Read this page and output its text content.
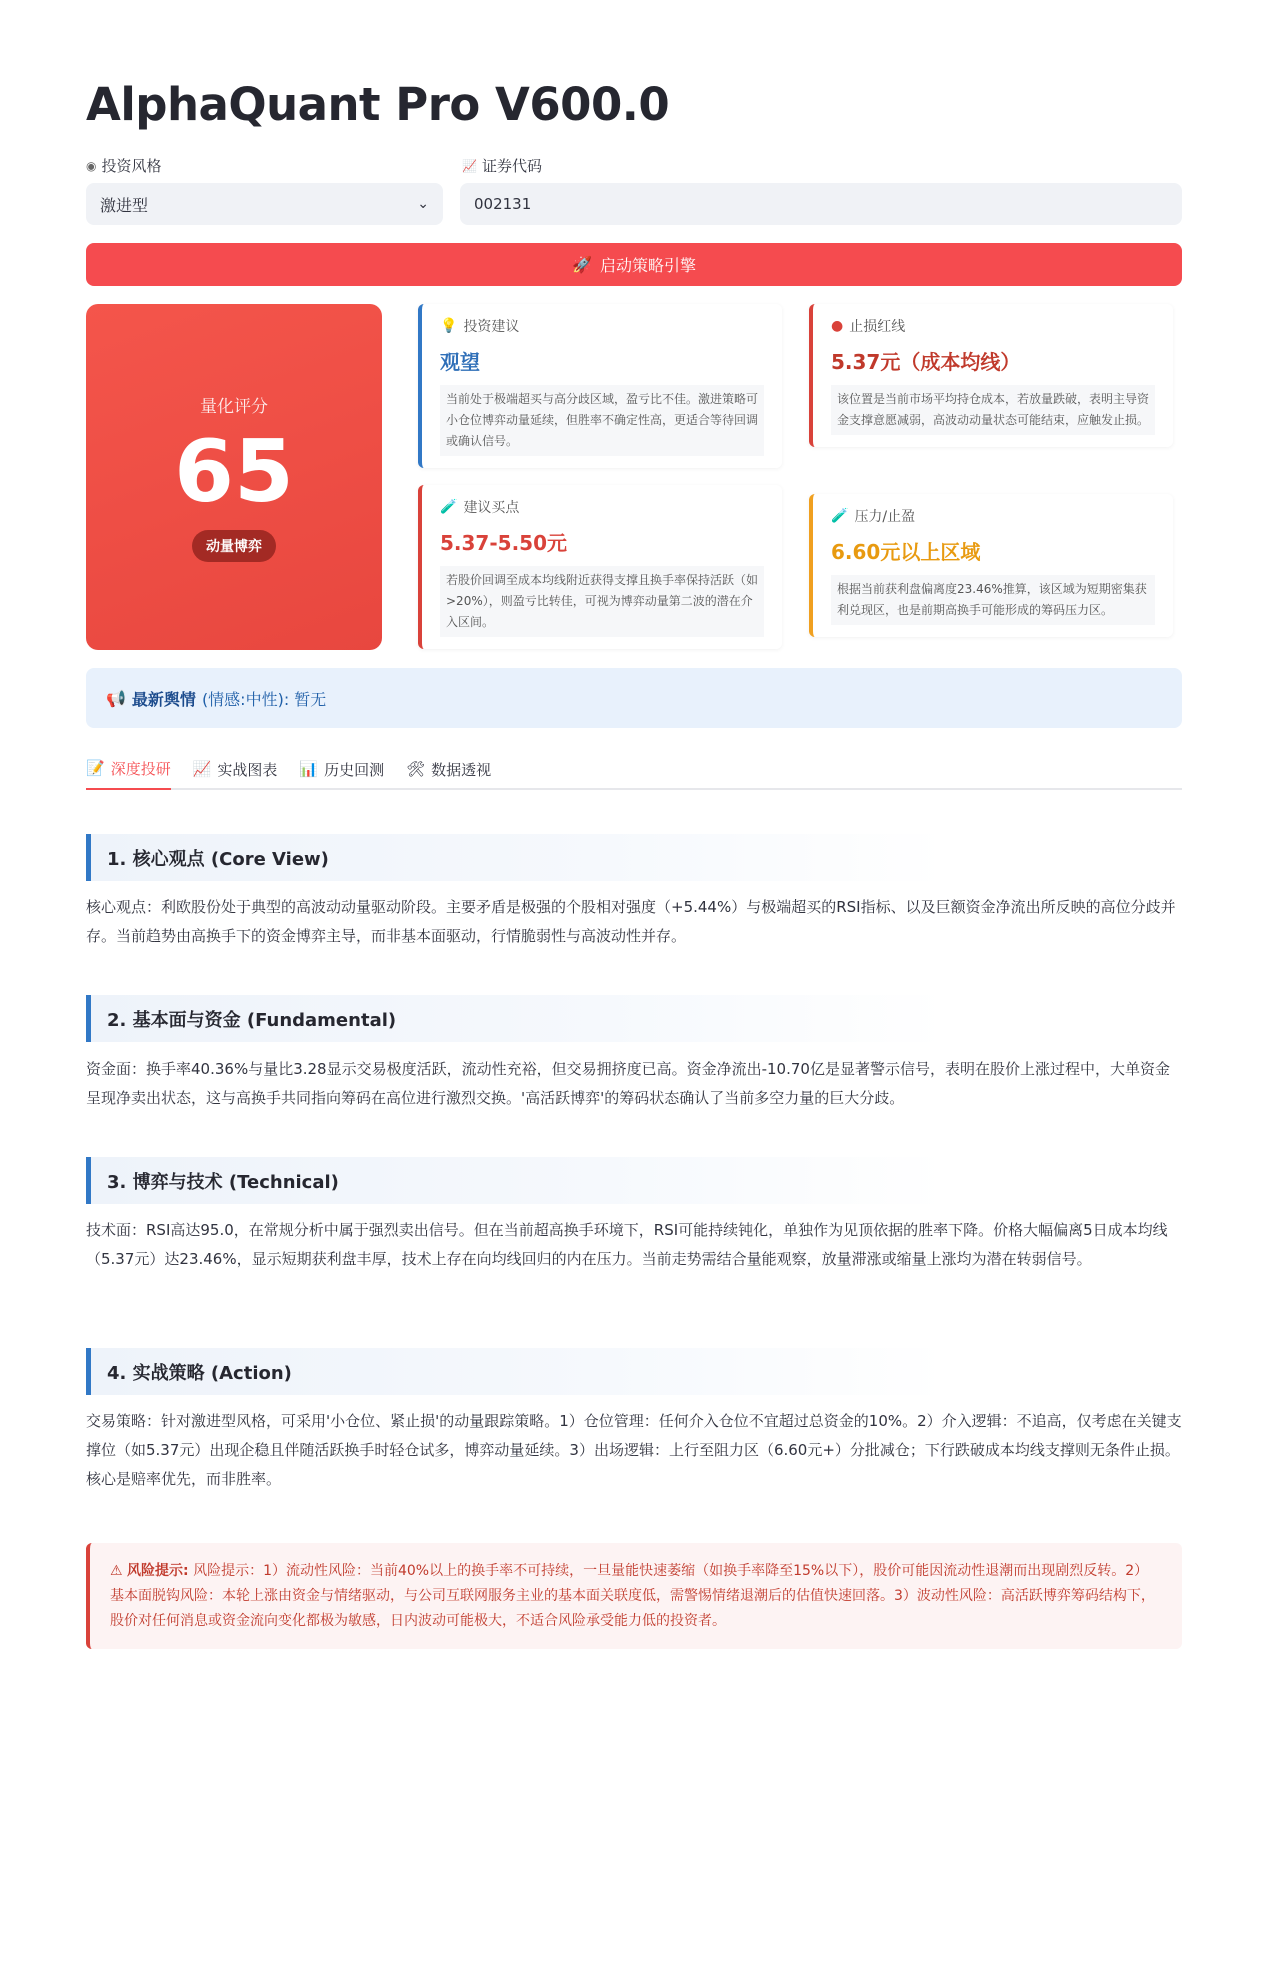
AlphaQuant Pro V600.0
◉ 投资风格
激进型	⌄
📈 证券代码
002131
🚀 启动策略引擎
量化评分
65
动量博弈
💡 投资建议
观望
当前处于极端超买与高分歧区域，盈亏比不佳。激进策略可小仓位博弈动量延续，但胜率不确定性高，更适合等待回调或确认信号。
● 止损红线
5.37元（成本均线）
该位置是当前市场平均持仓成本，若放量跌破，表明主导资金支撑意愿减弱，高波动动量状态可能结束，应触发止损。
🧪 建议买点
5.37-5.50元
若股价回调至成本均线附近获得支撑且换手率保持活跃（如>20%），则盈亏比转佳，可视为博弈动量第二波的潜在介入区间。
🧪 压力/止盈
6.60元以上区域
根据当前获利盘偏离度23.46%推算，该区域为短期密集获利兑现区，也是前期高换手可能形成的筹码压力区。
📢 最新舆情 (情感:中性): 暂无
📝 深度投研 📈 实战图表 📊 历史回测 🛠 数据透视
1. 核心观点 (Core View)
核心观点：利欧股份处于典型的高波动动量驱动阶段。主要矛盾是极强的个股相对强度（+5.44%）与极端超买的RSI指标、以及巨额资金净流出所反映的高位分歧并存。当前趋势由高换手下的资金博弈主导，而非基本面驱动，行情脆弱性与高波动性并存。
2. 基本面与资金 (Fundamental)
资金面：换手率40.36%与量比3.28显示交易极度活跃，流动性充裕，但交易拥挤度已高。资金净流出-10.70亿是显著警示信号，表明在股价上涨过程中，大单资金呈现净卖出状态，这与高换手共同指向筹码在高位进行激烈交换。'高活跃博弈'的筹码状态确认了当前多空力量的巨大分歧。
3. 博弈与技术 (Technical)
技术面：RSI高达95.0，在常规分析中属于强烈卖出信号。但在当前超高换手环境下，RSI可能持续钝化，单独作为见顶依据的胜率下降。价格大幅偏离5日成本均线（5.37元）达23.46%，显示短期获利盘丰厚，技术上存在向均线回归的内在压力。当前走势需结合量能观察，放量滞涨或缩量上涨均为潜在转弱信号。
4. 实战策略 (Action)
交易策略：针对激进型风格，可采用'小仓位、紧止损'的动量跟踪策略。1）仓位管理：任何介入仓位不宜超过总资金的10%。2）介入逻辑：不追高，仅考虑在关键支撑位（如5.37元）出现企稳且伴随活跃换手时轻仓试多，博弈动量延续。3）出场逻辑：上行至阻力区（6.60元+）分批减仓；下行跌破成本均线支撑则无条件止损。核心是赔率优先，而非胜率。
⚠ 风险提示: 风险提示：1）流动性风险：当前40%以上的换手率不可持续，一旦量能快速萎缩（如换手率降至15%以下），股价可能因流动性退潮而出现剧烈反转。2）基本面脱钩风险：本轮上涨由资金与情绪驱动，与公司互联网服务主业的基本面关联度低，需警惕情绪退潮后的估值快速回落。3）波动性风险：高活跃博弈筹码结构下，股价对任何消息或资金流向变化都极为敏感，日内波动可能极大，不适合风险承受能力低的投资者。
